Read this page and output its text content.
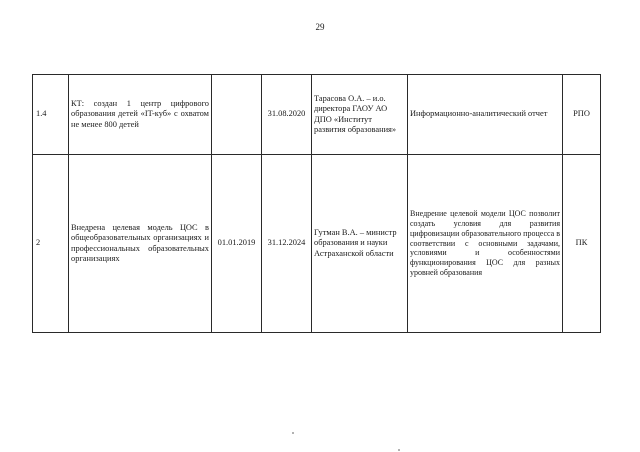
29
1.4	КТ: создан 1 центр цифрового образования детей «IT-куб» с охватом не менее 800 детей		31.08.2020	Тарасова О.А. – и.о. директора ГАОУ АО ДПО «Институт развития образования»	Информационно-аналитический отчет	РПО
2	Внедрена целевая модель ЦОС в общеобразовательных организациях и профессиональных образовательных организациях	01.01.2019	31.12.2024	Гутман В.А. – министр образования и науки Астраханской области	Внедрение целевой модели ЦОС позволит создать условия для развития цифровизации образовательного процесса в соответствии с основными задачами, условиями и особенностями функционирования ЦОС для разных уровней образования	ПК
